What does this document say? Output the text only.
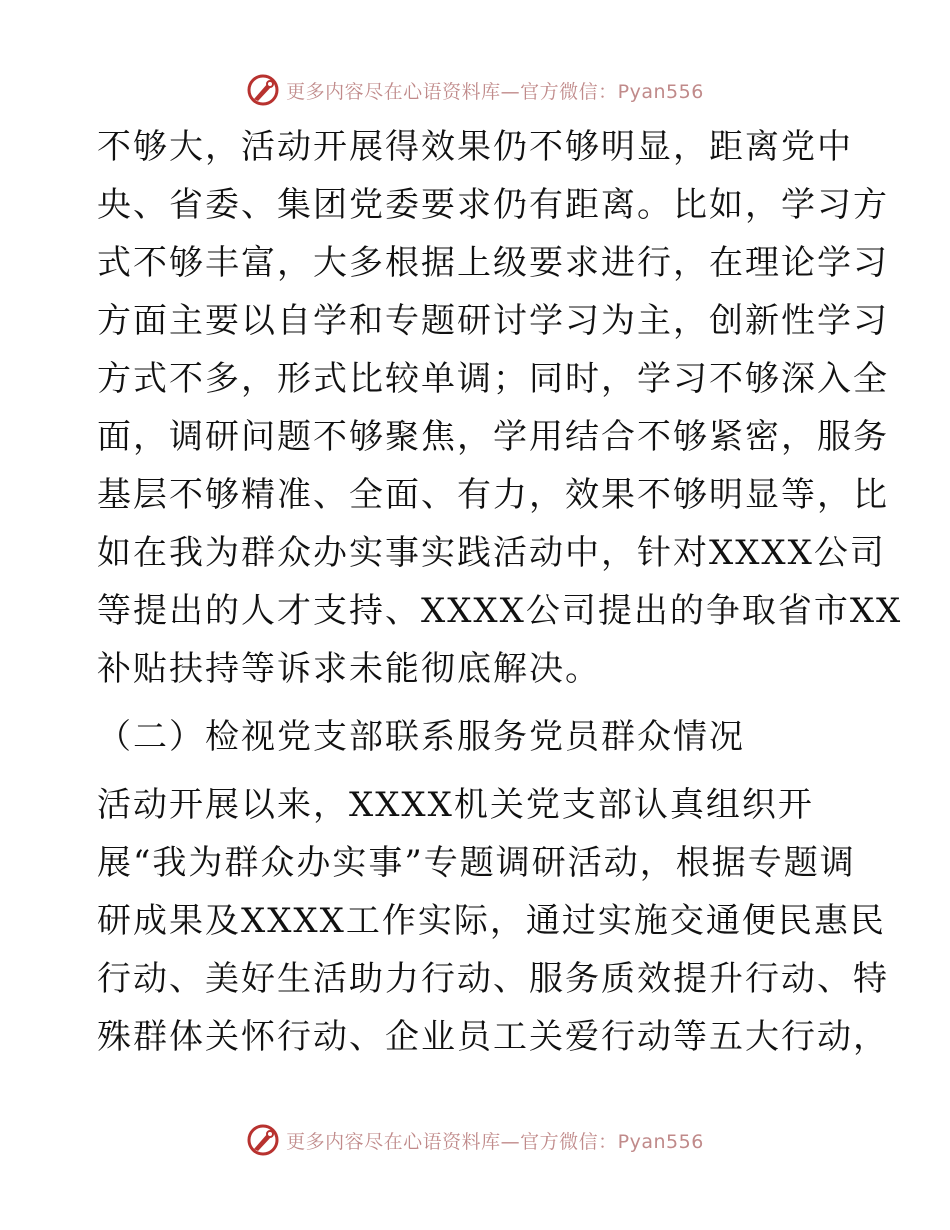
更多内容尽在心语资料库—官方微信：Pyan556
不够大，活动开展得效果仍不够明显，距离党中
央、省委、集团党委要求仍有距离。比如，学习方
式不够丰富，大多根据上级要求进行，在理论学习
方面主要以自学和专题研讨学习为主，创新性学习
方式不多，形式比较单调；同时，学习不够深入全
面，调研问题不够聚焦，学用结合不够紧密，服务
基层不够精准、全面、有力，效果不够明显等，比
如在我为群众办实事实践活动中，针对XXXX公司
等提出的人才支持、XXXX公司提出的争取省市XX
补贴扶持等诉求未能彻底解决。
（二）检视党支部联系服务党员群众情况
活动开展以来，XXXX机关党支部认真组织开
展“我为群众办实事”专题调研活动，根据专题调
研成果及XXXX工作实际，通过实施交通便民惠民
行动、美好生活助力行动、服务质效提升行动、特
殊群体关怀行动、企业员工关爱行动等五大行动，
更多内容尽在心语资料库—官方微信：Pyan556
